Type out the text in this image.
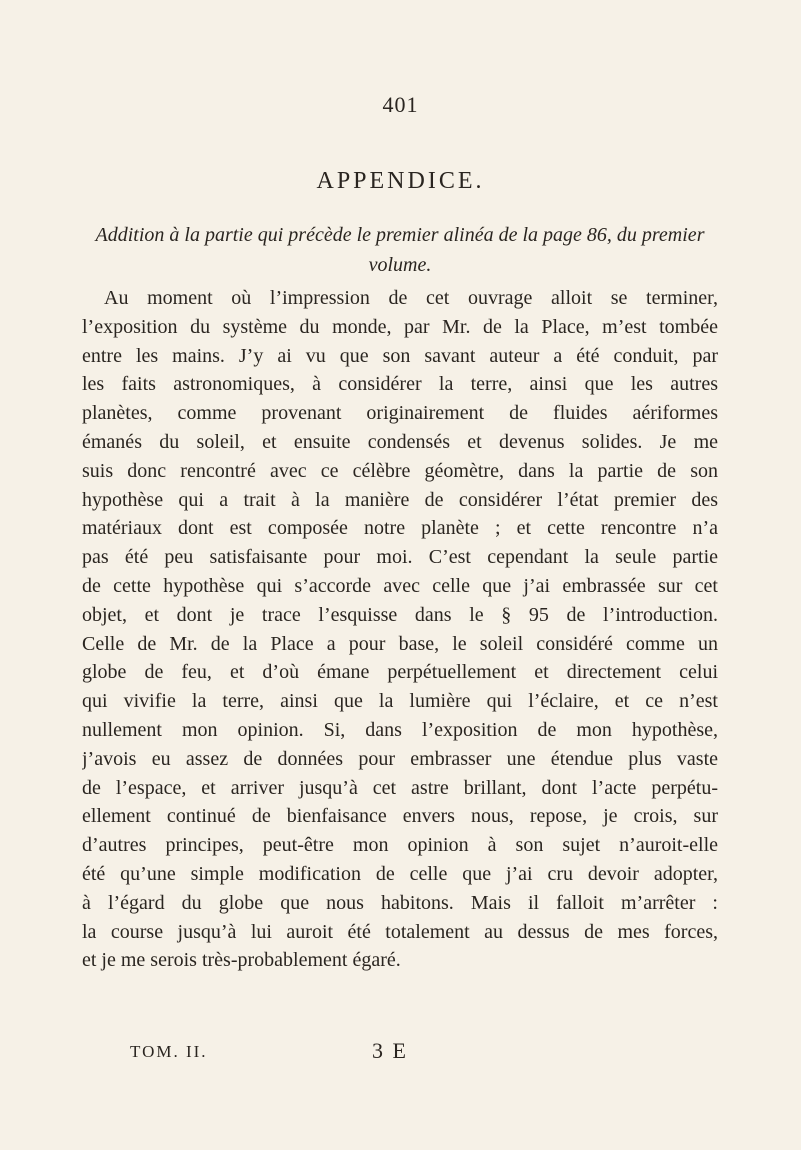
401
APPENDICE.
Addition à la partie qui précède le premier alinéa de la page 86, du premier volume.
Au moment où l’impression de cet ouvrage alloit se terminer,
l’exposition du système du monde, par Mr. de la Place, m’est tombée
entre les mains. J’y ai vu que son savant auteur a été conduit, par
les faits astronomiques, à considérer la terre, ainsi que les autres
planètes, comme provenant originairement de fluides aériformes
émanés du soleil, et ensuite condensés et devenus solides. Je me
suis donc rencontré avec ce célèbre géomètre, dans la partie de son
hypothèse qui a trait à la manière de considérer l’état premier des
matériaux dont est composée notre planète ; et cette rencontre n’a
pas été peu satisfaisante pour moi. C’est cependant la seule partie
de cette hypothèse qui s’accorde avec celle que j’ai embrassée sur cet
objet, et dont je trace l’esquisse dans le § 95 de l’introduction.
Celle de Mr. de la Place a pour base, le soleil considéré comme un
globe de feu, et d’où émane perpétuellement et directement celui
qui vivifie la terre, ainsi que la lumière qui l’éclaire, et ce n’est
nullement mon opinion. Si, dans l’exposition de mon hypothèse,
j’avois eu assez de données pour embrasser une étendue plus vaste
de l’espace, et arriver jusqu’à cet astre brillant, dont l’acte perpétu-
ellement continué de bienfaisance envers nous, repose, je crois, sur
d’autres principes, peut-être mon opinion à son sujet n’auroit-elle
été qu’une simple modification de celle que j’ai cru devoir adopter,
à l’égard du globe que nous habitons. Mais il falloit m’arrêter :
la course jusqu’à lui auroit été totalement au dessus de mes forces,
et je me serois très-probablement égaré.
TOM. II.	3 E
